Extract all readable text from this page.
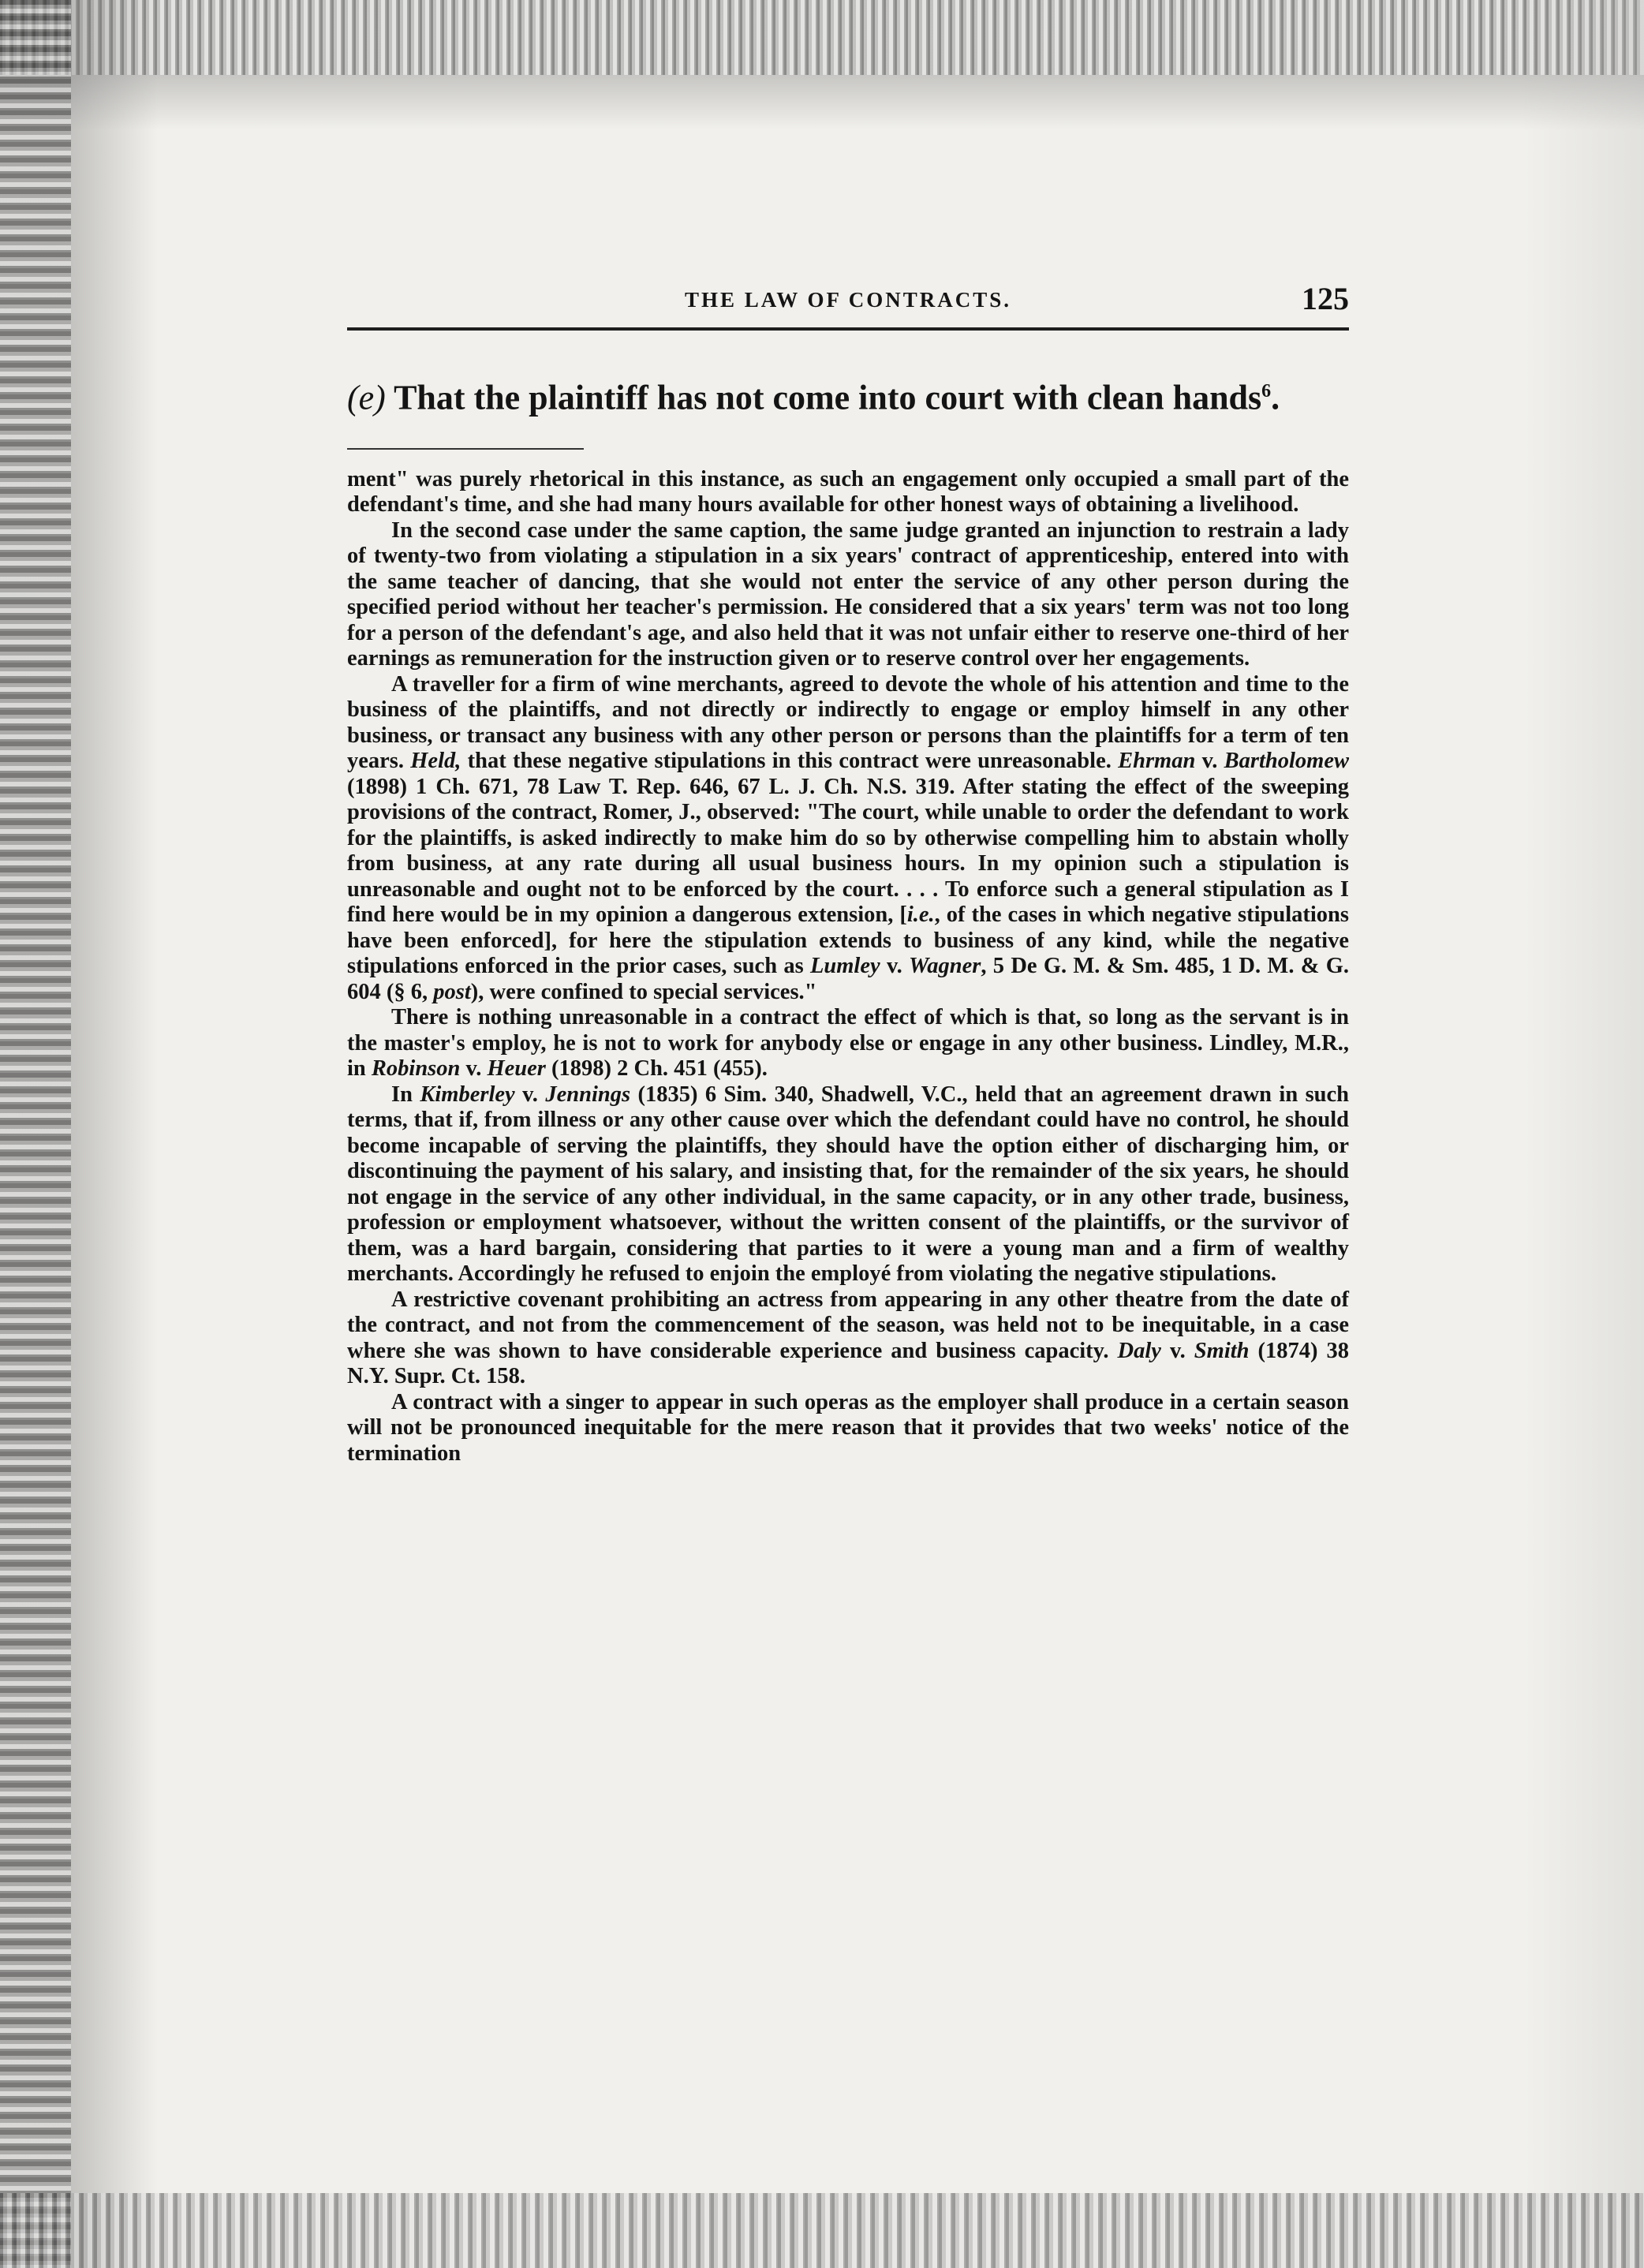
THE LAW OF CONTRACTS.	125
(e) That the plaintiff has not come into court with clean hands$^6$.

ment" was purely rhetorical in this instance, as such an engagement only occupied a small part of the defendant's time, and she had many hours available for other honest ways of obtaining a livelihood.

In the second case under the same caption, the same judge granted an injunction to restrain a lady of twenty-two from violating a stipulation in a six years' contract of apprenticeship, entered into with the same teacher of dancing, that she would not enter the service of any other person during the specified period without her teacher's permission. He considered that a six years' term was not too long for a person of the defendant's age, and also held that it was not unfair either to reserve one-third of her earnings as remuneration for the instruction given or to reserve control over her engagements.

A traveller for a firm of wine merchants, agreed to devote the whole of his attention and time to the business of the plaintiffs, and not directly or indirectly to engage or employ himself in any other business, or transact any business with any other person or persons than the plaintiffs for a term of ten years. Held, that these negative stipulations in this contract were unreasonable. Ehrman v. Bartholomew (1898) 1 Ch. 671, 78 Law T. Rep. 646, 67 L. J. Ch. N.S. 319. After stating the effect of the sweeping provisions of the contract, Romer, J., observed: "The court, while unable to order the defendant to work for the plaintiffs, is asked indirectly to make him do so by otherwise compelling him to abstain wholly from business, at any rate during all usual business hours. In my opinion such a stipulation is unreasonable and ought not to be enforced by the court. . . . To enforce such a general stipulation as I find here would be in my opinion a dangerous extension, [i.e., of the cases in which negative stipulations have been enforced], for here the stipulation extends to business of any kind, while the negative stipulations enforced in the prior cases, such as Lumley v. Wagner, 5 De G. M. & Sm. 485, 1 D. M. & G. 604 (§ 6, post), were confined to special services."

There is nothing unreasonable in a contract the effect of which is that, so long as the servant is in the master's employ, he is not to work for anybody else or engage in any other business. Lindley, M.R., in Robinson v. Heuer (1898) 2 Ch. 451 (455).

In Kimberley v. Jennings (1835) 6 Sim. 340, Shadwell, V.C., held that an agreement drawn in such terms, that if, from illness or any other cause over which the defendant could have no control, he should become incapable of serving the plaintiffs, they should have the option either of discharging him, or discontinuing the payment of his salary, and insisting that, for the remainder of the six years, he should not engage in the service of any other individual, in the same capacity, or in any other trade, business, profession or employment whatsoever, without the written consent of the plaintiffs, or the survivor of them, was a hard bargain, considering that parties to it were a young man and a firm of wealthy merchants. Accordingly he refused to enjoin the employé from violating the negative stipulations.

A restrictive covenant prohibiting an actress from appearing in any other theatre from the date of the contract, and not from the commencement of the season, was held not to be inequitable, in a case where she was shown to have considerable experience and business capacity. Daly v. Smith (1874) 38 N.Y. Supr. Ct. 158.

A contract with a singer to appear in such operas as the employer shall produce in a certain season will not be pronounced inequitable for the mere reason that it provides that two weeks' notice of the termination
